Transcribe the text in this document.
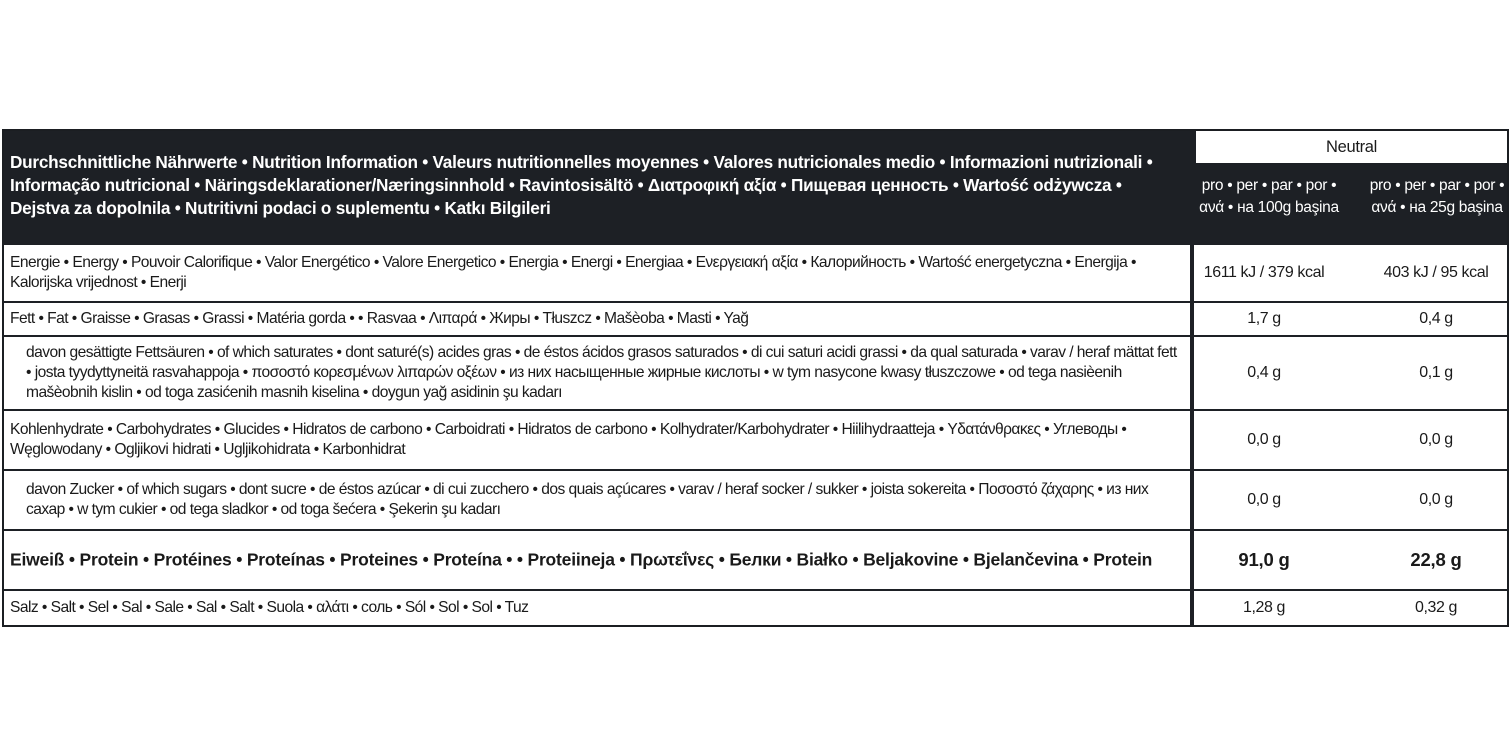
Durchschnittliche Nährwerte • Nutrition Information • Valeurs nutritionnelles moyennes • Valores nutricionales medio • Informazioni nutrizionali • Informação nutricional • Näringsdeklarationer/Næringsinnhold • Ravintosisältö • Διατροφική αξία • Пищевая ценность • Wartość odżywcza • Dejstva za dopolnila • Nutritivni podaci o suplementu • Katkı Bilgileri
Neutral
pro • per • par • por • ανά • на 100g başina
pro • per • par • por • ανά • на 25g başina
Energie • Energy • Pouvoir Calorifique • Valor Energético • Valore Energetico • Energia • Energi • Energiaa • Ενεργειακή αξία • Калорийность • Wartość energetyczna • Energija • Kalorijska vrijednost • Enerji
1611 kJ / 379 kcal	403 kJ / 95 kcal
Fett • Fat • Graisse • Grasas • Grassi • Matéria gorda • • Rasvaa • Λιπαρά • Жиры • Tłuszcz • Mašèoba • Masti • Yağ	1,7 g	0,4 g
davon gesättigte Fettsäuren • of which saturates • dont saturé(s) acides gras • de éstos ácidos grasos saturados • di cui saturi acidi grassi • da qual saturada • varav / heraf mättat fett • josta tyydyttyneitä rasvahappoja • ποσοστό κορεσμένων λιπαρών οξέων • из них насыщенные жирные кислоты • w tym nasycone kwasy tłuszczowe • od tega nasièenih mašèobnih kislin • od toga zasićenih masnih kiselina • doygun yağ asidinin şu kadarı
0,4 g	0,1 g
Kohlenhydrate • Carbohydrates • Glucides • Hidratos de carbono • Carboidrati • Hidratos de carbono • Kolhydrater/Karbohydrater • Hiilihydraatteja • Υδατάνθρακες • Углеводы • Węglowodany • Ogljikovi hidrati • Ugljikohidrata • Karbonhidrat
0,0 g	0,0 g
davon Zucker • of which sugars • dont sucre • de éstos azúcar • di cui zucchero • dos quais açúcares • varav / heraf socker / sukker • joista sokereita • Ποσοστό ζάχαρης • из них сахар • w tym cukier • od tega sladkor • od toga šećera • Şekerin şu kadarı
0,0 g	0,0 g
Eiweiß • Protein • Protéines • Proteínas • Proteines • Proteína • • Proteiineja • Πρωτεΐνες • Белки • Białko • Beljakovine • Bjelančevina • Protein	91,0 g	22,8 g
Salz • Salt • Sel • Sal • Sale • Sal • Salt • Suola • αλάτι • соль • Sól • Sol • Sol • Tuz	1,28 g	0,32 g
